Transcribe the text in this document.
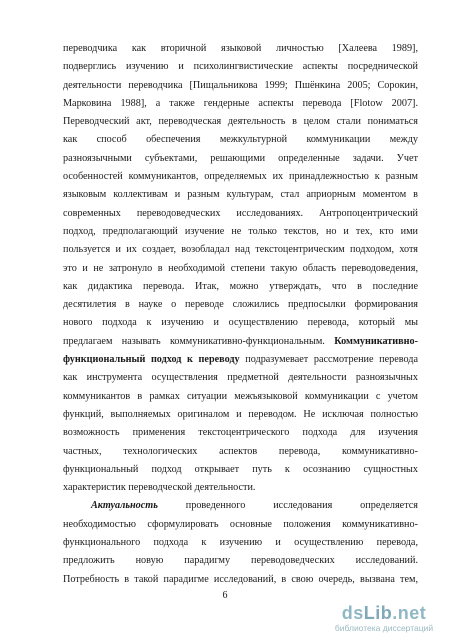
переводчика как вторичной языковой личностью [Халеева 1989],
подверглись изучению и психолингвистические аспекты посреднической
деятельности переводчика [Пищальникова 1999; Пшёнкина 2005; Сорокин,
Марковина 1988], а также гендерные аспекты перевода [Flotow 2007].
Переводческий акт, переводческая деятельность в целом стали пониматься
как способ обеспечения межкультурной коммуникации между
разноязычными субъектами, решающими определенные задачи. Учет
особенностей коммуникантов, определяемых их принадлежностью к разным
языковым коллективам и разным культурам, стал априорным моментом в
современных переводоведческих исследованиях. Антропоцентрический
подход, предполагающий изучение не только текстов, но и тех, кто ими
пользуется и их создает, возобладал над текстоцентрическим подходом, хотя
это и не затронуло в необходимой степени такую область переводоведения,
как дидактика перевода. Итак, можно утверждать, что в последние
десятилетия в науке о переводе сложились предпосылки формирования
нового подхода к изучению и осуществлению перевода, который мы
предлагаем называть коммуникативно-функциональным. Коммуникативно-
функциональный подход к переводу подразумевает рассмотрение перевода
как инструмента осуществления предметной деятельности разноязычных
коммуникантов в рамках ситуации межъязыковой коммуникации с учетом
функций, выполняемых оригиналом и переводом. Не исключая полностью
возможность применения текстоцентрического подхода для изучения
частных, технологических аспектов перевода, коммуникативно-
функциональный подход открывает путь к осознанию сущностных
характеристик переводческой деятельности.
Актуальность проведенного исследования определяется
необходимостью сформулировать основные положения коммуникативно-
функционального подхода к изучению и осуществлению перевода,
предложить новую парадигму переводоведческих исследований.
Потребность в такой парадигме исследований, в свою очередь, вызвана тем,
6
dsLib.net
библиотека диссертаций
